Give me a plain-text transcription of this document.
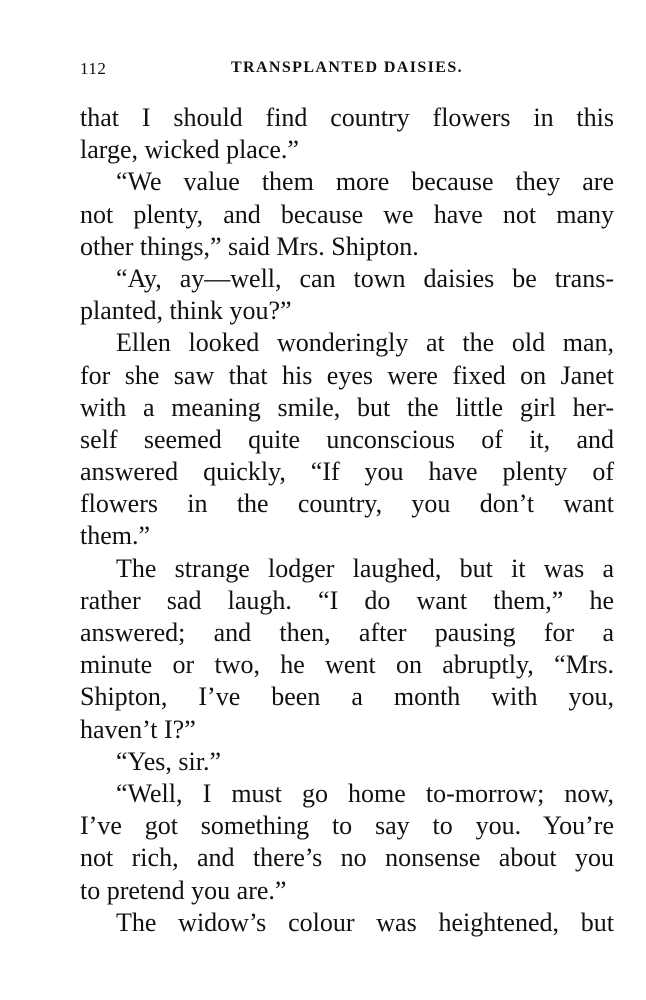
112	TRANSPLANTED DAISIES.
that I should find country flowers in this
large, wicked place.”
“We value them more because they are
not plenty, and because we have not many
other things,” said Mrs. Shipton.
“Ay, ay—well, can town daisies be trans-
planted, think you?”
Ellen looked wonderingly at the old man,
for she saw that his eyes were fixed on Janet
with a meaning smile, but the little girl her-
self seemed quite unconscious of it, and
answered quickly, “If you have plenty of
flowers in the country, you don’t want
them.”
The strange lodger laughed, but it was a
rather sad laugh. “I do want them,” he
answered; and then, after pausing for a
minute or two, he went on abruptly, “Mrs.
Shipton, I’ve been a month with you,
haven’t I?”
“Yes, sir.”
“Well, I must go home to-morrow; now,
I’ve got something to say to you. You’re
not rich, and there’s no nonsense about you
to pretend you are.”
The widow’s colour was heightened, but
